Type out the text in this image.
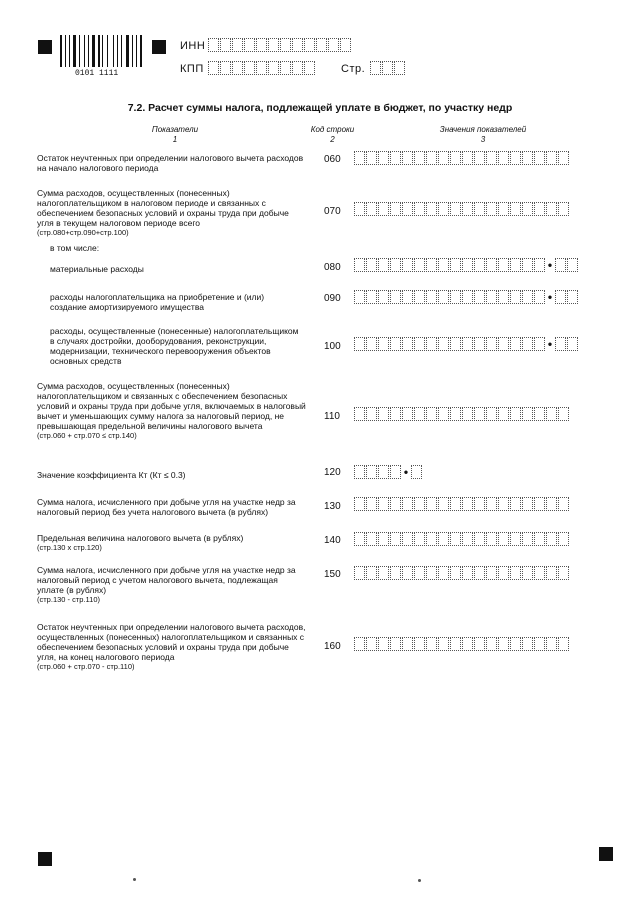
0101 1111
ИНН
КПП	Стр.
7.2. Расчет суммы налога, подлежащей уплате в бюджет, по участку недр
Показатели
1
Код строки
2
Значения показателей
3
Остаток неучтенных при определении налогового вычета расходов на начало налогового периода
060
Сумма расходов, осуществленных (понесенных) налогоплательщиком в налоговом периоде и связанных с обеспечением безопасных условий и охраны труда при добыче угля в текущем налоговом периоде всего
(стр.080+стр.090+стр.100)
070
в том числе:
материальные расходы	080	•
расходы налогоплательщика на приобретение и (или) создание амортизируемого имущества
090	•
расходы, осуществленные (понесенные) налогоплательщиком в случаях достройки, дооборудования, реконструкции, модернизации, технического перевооружения объектов основных средств
100	•
Сумма расходов, осуществленных (понесенных) налогоплательщиком и связанных с обеспечением безопасных условий и охраны труда при добыче угля, включаемых в налоговый вычет и уменьшающих сумму налога за налоговый период, не превышающая предельной величины налогового вычета
(стр.060 + стр.070 ≤ стр.140)
110
Значение коэффициента Кт (Кт ≤ 0.3)	120	•
Сумма налога, исчисленного при добыче угля на участке недр за налоговый период без учета налогового вычета (в рублях)	130
Предельная величина налогового вычета (в рублях)
(стр.130 х стр.120)
140
Сумма налога, исчисленного при добыче угля на участке недр за налоговый период с учетом налогового вычета, подлежащая уплате (в рублях)
(стр.130 - стр.110)
150
Остаток неучтенных при определении налогового вычета расходов, осуществленных (понесенных) налогоплательщиком и связанных с обеспечением безопасных условий и охраны труда при добыче угля, на конец налогового периода
(стр.060 + стр.070 - стр.110)
160
